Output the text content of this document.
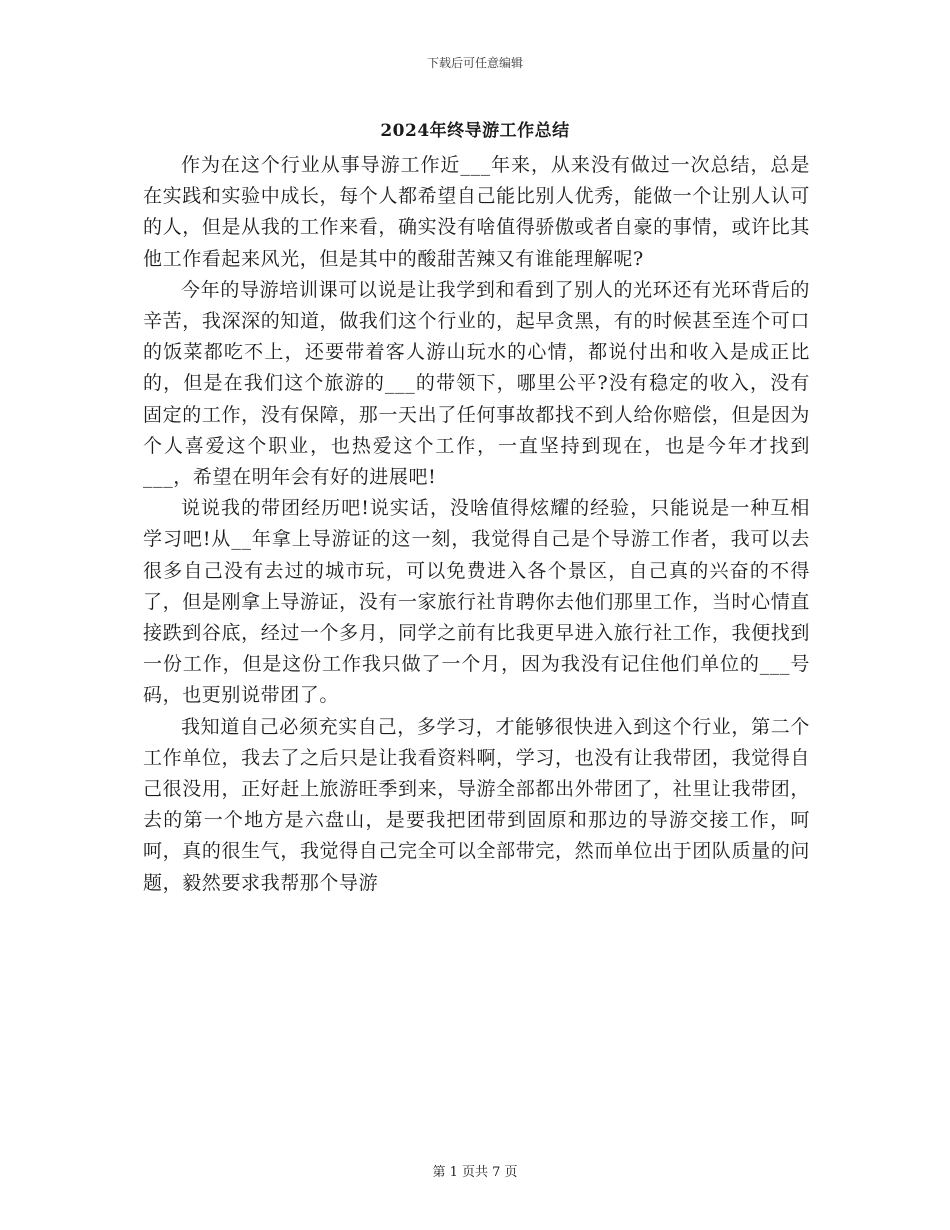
下载后可任意编辑
2024年终导游工作总结

作为在这个行业从事导游工作近___年来，从来没有做过一次总结，总是在实践和实验中成长，每个人都希望自己能比别人优秀，能做一个让别人认可的人，但是从我的工作来看，确实没有啥值得骄傲或者自豪的事情，或许比其他工作看起来风光，但是其中的酸甜苦辣又有谁能理解呢?

今年的导游培训课可以说是让我学到和看到了别人的光环还有光环背后的辛苦，我深深的知道，做我们这个行业的，起早贪黑，有的时候甚至连个可口的饭菜都吃不上，还要带着客人游山玩水的心情，都说付出和收入是成正比的，但是在我们这个旅游的___的带领下，哪里公平?没有稳定的收入，没有固定的工作，没有保障，那一天出了任何事故都找不到人给你赔偿，但是因为个人喜爱这个职业，也热爱这个工作，一直坚持到现在，也是今年才找到___，希望在明年会有好的进展吧!

说说我的带团经历吧!说实话，没啥值得炫耀的经验，只能说是一种互相学习吧!从__年拿上导游证的这一刻，我觉得自己是个导游工作者，我可以去很多自己没有去过的城市玩，可以免费进入各个景区，自己真的兴奋的不得了，但是刚拿上导游证，没有一家旅行社肯聘你去他们那里工作，当时心情直接跌到谷底，经过一个多月，同学之前有比我更早进入旅行社工作，我便找到一份工作，但是这份工作我只做了一个月，因为我没有记住他们单位的___号码，也更别说带团了。

我知道自己必须充实自己，多学习，才能够很快进入到这个行业，第二个工作单位，我去了之后只是让我看资料啊，学习，也没有让我带团，我觉得自己很没用，正好赶上旅游旺季到来，导游全部都出外带团了，社里让我带团，去的第一个地方是六盘山，是要我把团带到固原和那边的导游交接工作，呵呵，真的很生气，我觉得自己完全可以全部带完，然而单位出于团队质量的问题，毅然要求我帮那个导游

第 1 页共 7 页
